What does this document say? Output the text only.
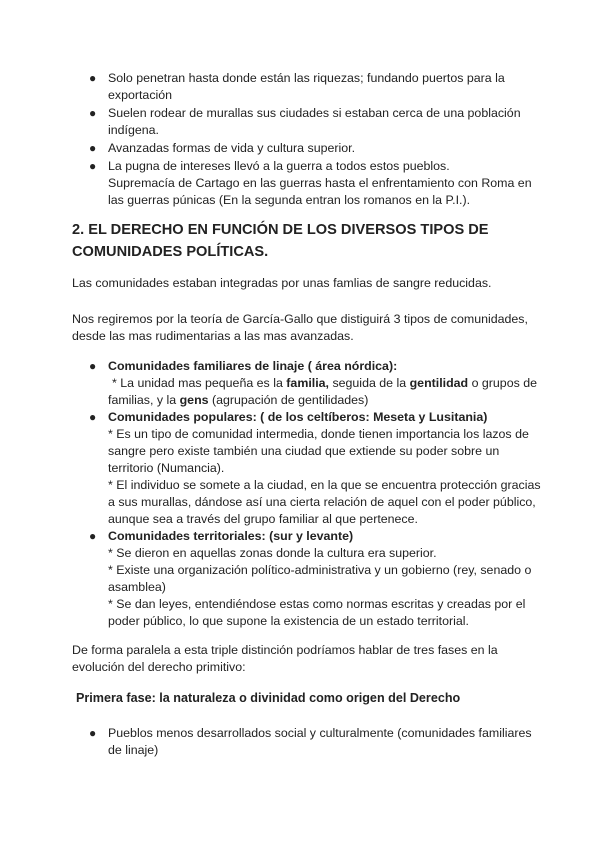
● Solo penetran hasta donde están las riquezas; fundando puertos para la exportación
● Suelen rodear de murallas sus ciudades si estaban cerca de una población indígena.
● Avanzadas formas de vida y cultura superior.
● La pugna de intereses llevó a la guerra a todos estos pueblos.
Supremacía de Cartago en las guerras hasta el enfrentamiento con Roma en las guerras púnicas (En la segunda entran los romanos en la P.I.).
2. EL DERECHO EN FUNCIÓN DE LOS DIVERSOS TIPOS DE COMUNIDADES POLÍTICAS.

Las comunidades estaban integradas por unas famlias de sangre reducidas.

Nos regiremos por la teoría de García-Gallo que distiguirá 3 tipos de comunidades, desde las mas rudimentarias a las mas avanzadas.

● Comunidades familiares de linaje ( área nórdica):
* La unidad mas pequeña es la familia, seguida de la gentilidad o grupos de familias, y la gens (agrupación de gentilidades)
● Comunidades populares: ( de los celtíberos: Meseta y Lusitania)
* Es un tipo de comunidad intermedia, donde tienen importancia los lazos de sangre pero existe también una ciudad que extiende su poder sobre un territorio (Numancia).
* El individuo se somete a la ciudad, en la que se encuentra protección gracias a sus murallas, dándose así una cierta relación de aquel con el poder público, aunque sea a través del grupo familiar al que pertenece.
● Comunidades territoriales: (sur y levante)
* Se dieron en aquellas zonas donde la cultura era superior.
* Existe una organización político-administrativa y un gobierno (rey, senado o asamblea)
* Se dan leyes, entendiéndose estas como normas escritas y creadas por el poder público, lo que supone la existencia de un estado territorial.

De forma paralela a esta triple distinción podríamos hablar de tres fases en la evolución del derecho primitivo:

Primera fase: la naturaleza o divinidad como origen del Derecho
● Pueblos menos desarrollados social y culturalmente (comunidades familiares de linaje)
